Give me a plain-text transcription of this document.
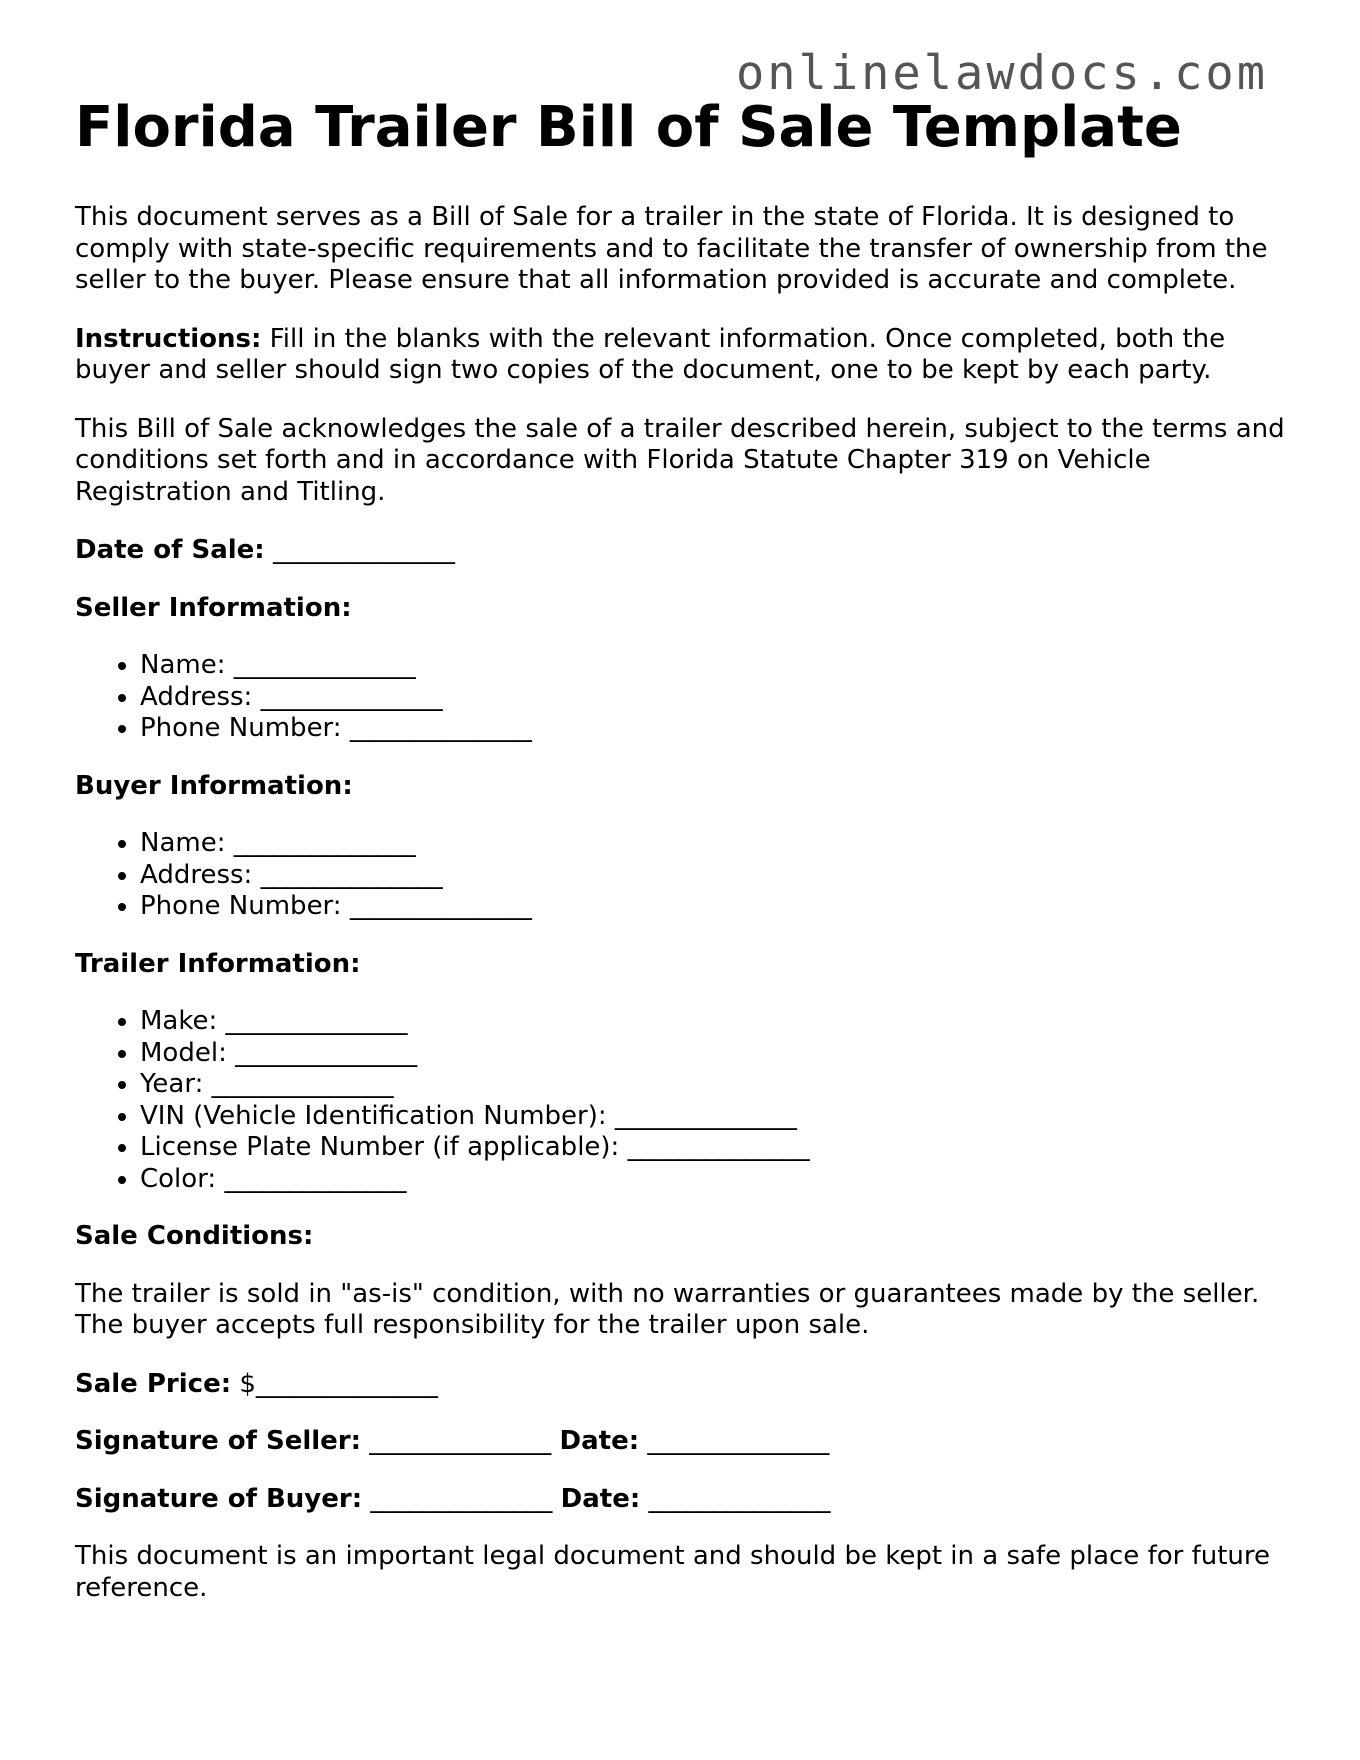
onlinelawdocs.com
Florida Trailer Bill of Sale Template

This document serves as a Bill of Sale for a trailer in the state of Florida. It is designed to comply with state-specific requirements and to facilitate the transfer of ownership from the seller to the buyer. Please ensure that all information provided is accurate and complete.

Instructions: Fill in the blanks with the relevant information. Once completed, both the buyer and seller should sign two copies of the document, one to be kept by each party.

This Bill of Sale acknowledges the sale of a trailer described herein, subject to the terms and conditions set forth and in accordance with Florida Statute Chapter 319 on Vehicle Registration and Titling.

Date of Sale: ______________

Seller Information:

• Name: ______________
• Address: ______________
• Phone Number: ______________

Buyer Information:

• Name: ______________
• Address: ______________
• Phone Number: ______________

Trailer Information:

• Make: ______________
• Model: ______________
• Year: ______________
• VIN (Vehicle Identification Number): ______________
• License Plate Number (if applicable): ______________
• Color: ______________

Sale Conditions:

The trailer is sold in "as-is" condition, with no warranties or guarantees made by the seller. The buyer accepts full responsibility for the trailer upon sale.

Sale Price: $______________

Signature of Seller: ______________ Date: ______________

Signature of Buyer: ______________ Date: ______________

This document is an important legal document and should be kept in a safe place for future reference.
